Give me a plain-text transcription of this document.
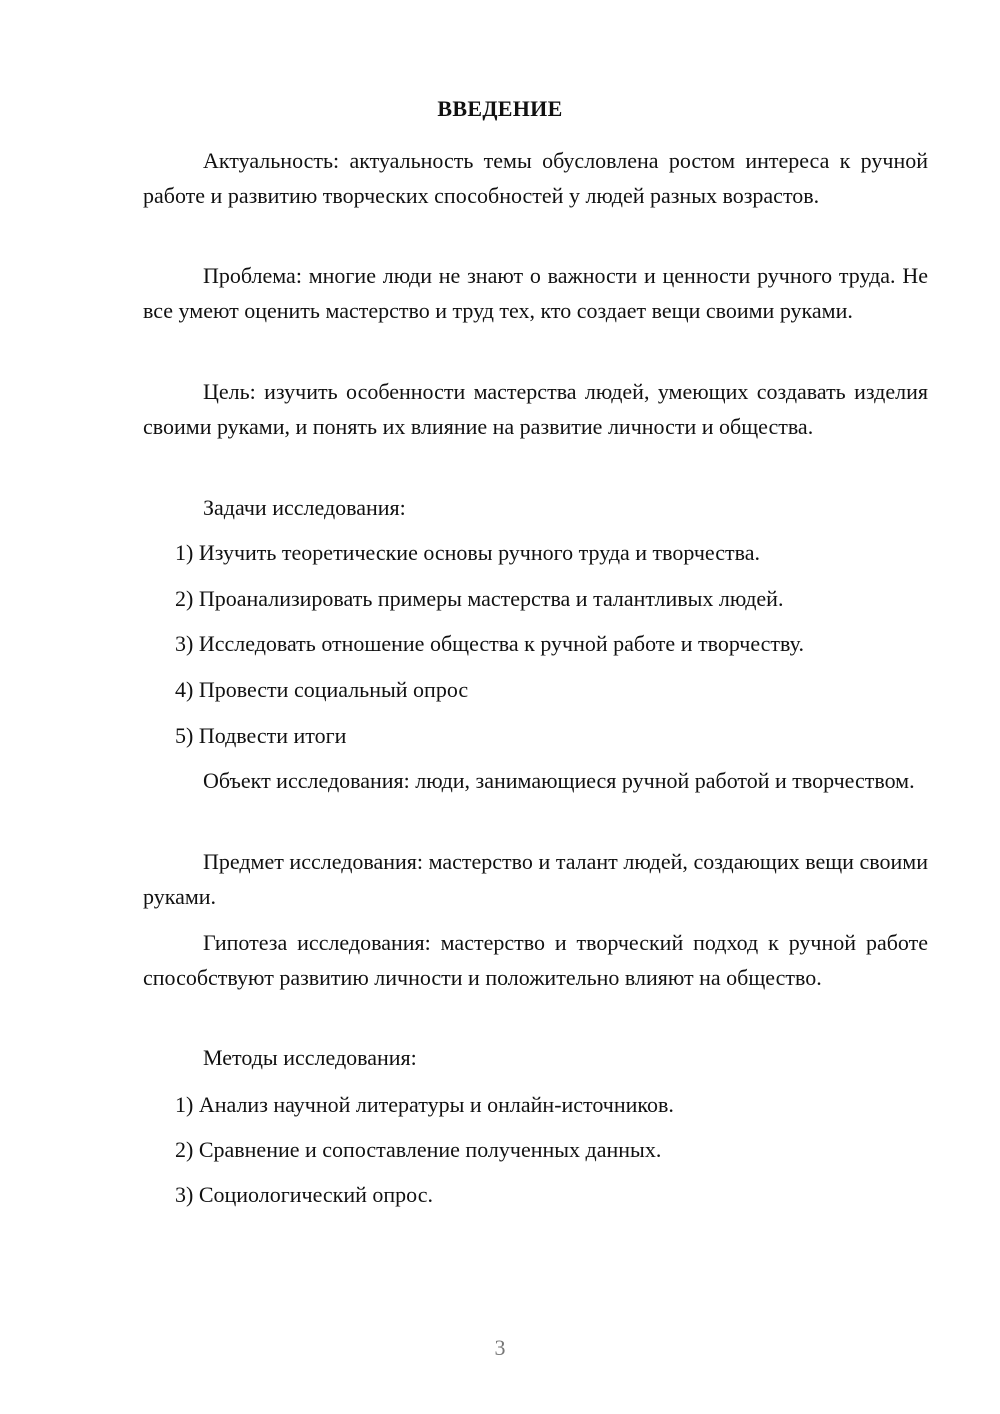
ВВЕДЕНИЕ

Актуальность: актуальность темы обусловлена ростом интереса к ручной работе и развитию творческих способностей у людей разных возрастов.

Проблема: многие люди не знают о важности и ценности ручного труда. Не все умеют оценить мастерство и труд тех, кто создает вещи своими руками.

Цель: изучить особенности мастерства людей, умеющих создавать изделия своими руками, и понять их влияние на развитие личности и общества.

Задачи исследования:

1) Изучить теоретические основы ручного труда и творчества.

2) Проанализировать примеры мастерства и талантливых людей.

3) Исследовать отношение общества к ручной работе и творчеству.

4) Провести социальный опрос

5) Подвести итоги

Объект исследования: люди, занимающиеся ручной работой и творчеством.

Предмет исследования: мастерство и талант людей, создающих вещи своими руками.

Гипотеза исследования: мастерство и творческий подход к ручной работе способствуют развитию личности и положительно влияют на общество.

Методы исследования:

1) Анализ научной литературы и онлайн-источников.

2) Сравнение и сопоставление полученных данных.

3) Социологический опрос.

3
